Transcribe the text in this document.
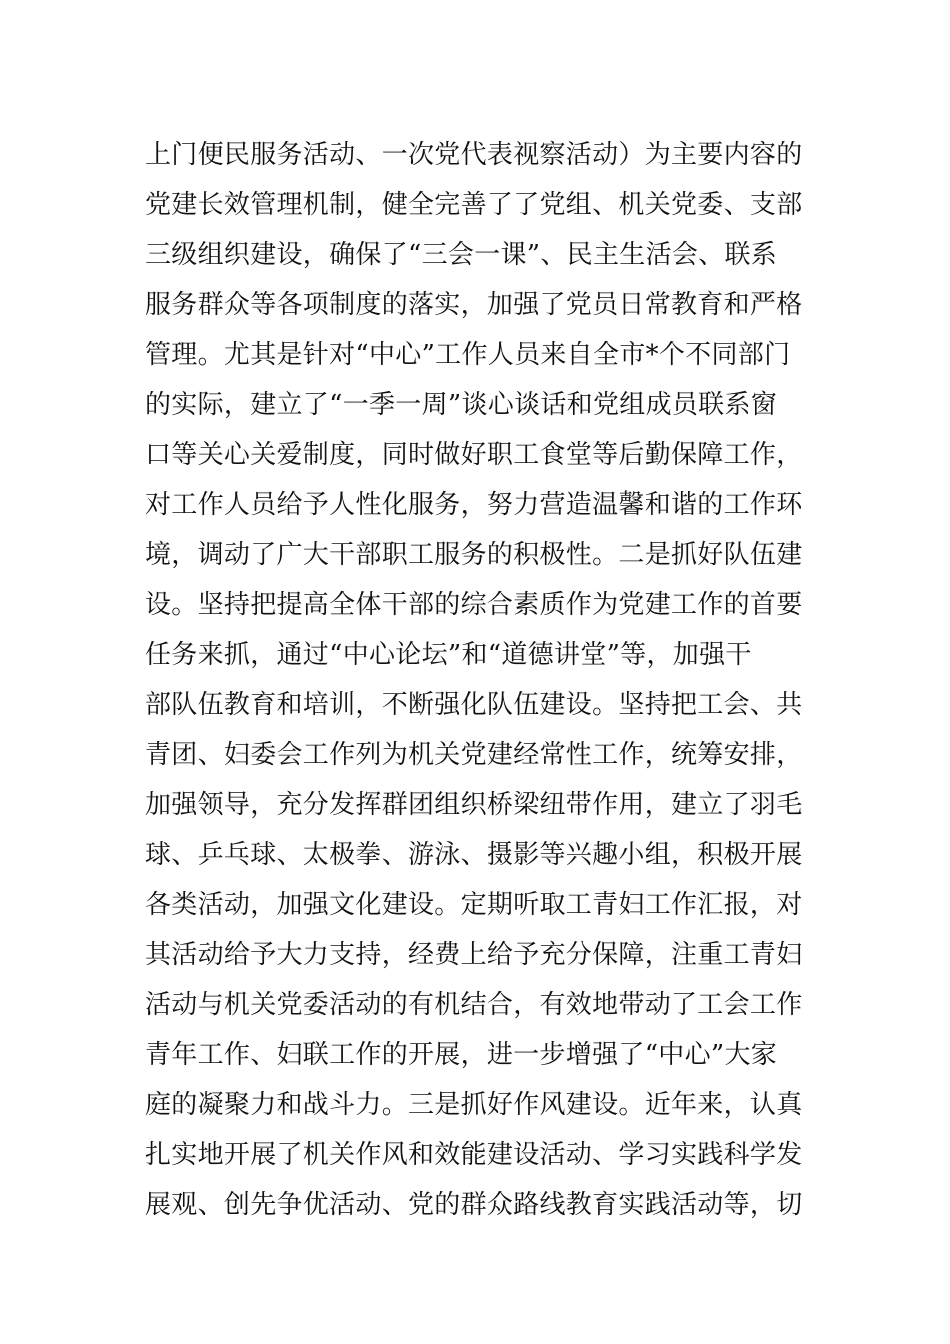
上门便民服务活动、一次党代表视察活动）为主要内容的
党建长效管理机制，健全完善了了党组、机关党委、支部
三级组织建设，确保了“三会一课”、民主生活会、联系
服务群众等各项制度的落实，加强了党员日常教育和严格
管理。尤其是针对“中心”工作人员来自全市*个不同部门
的实际，建立了“一季一周”谈心谈话和党组成员联系窗
口等关心关爱制度，同时做好职工食堂等后勤保障工作，
对工作人员给予人性化服务，努力营造温馨和谐的工作环
境，调动了广大干部职工服务的积极性。二是抓好队伍建
设。坚持把提高全体干部的综合素质作为党建工作的首要
任务来抓，通过“中心论坛”和“道德讲堂”等，加强干
部队伍教育和培训，不断强化队伍建设。坚持把工会、共
青团、妇委会工作列为机关党建经常性工作，统筹安排，
加强领导，充分发挥群团组织桥梁纽带作用，建立了羽毛
球、乒乓球、太极拳、游泳、摄影等兴趣小组，积极开展
各类活动，加强文化建设。定期听取工青妇工作汇报，对
其活动给予大力支持，经费上给予充分保障，注重工青妇
活动与机关党委活动的有机结合，有效地带动了工会工作
青年工作、妇联工作的开展，进一步增强了“中心”大家
庭的凝聚力和战斗力。三是抓好作风建设。近年来，认真
扎实地开展了机关作风和效能建设活动、学习实践科学发
展观、创先争优活动、党的群众路线教育实践活动等，切
